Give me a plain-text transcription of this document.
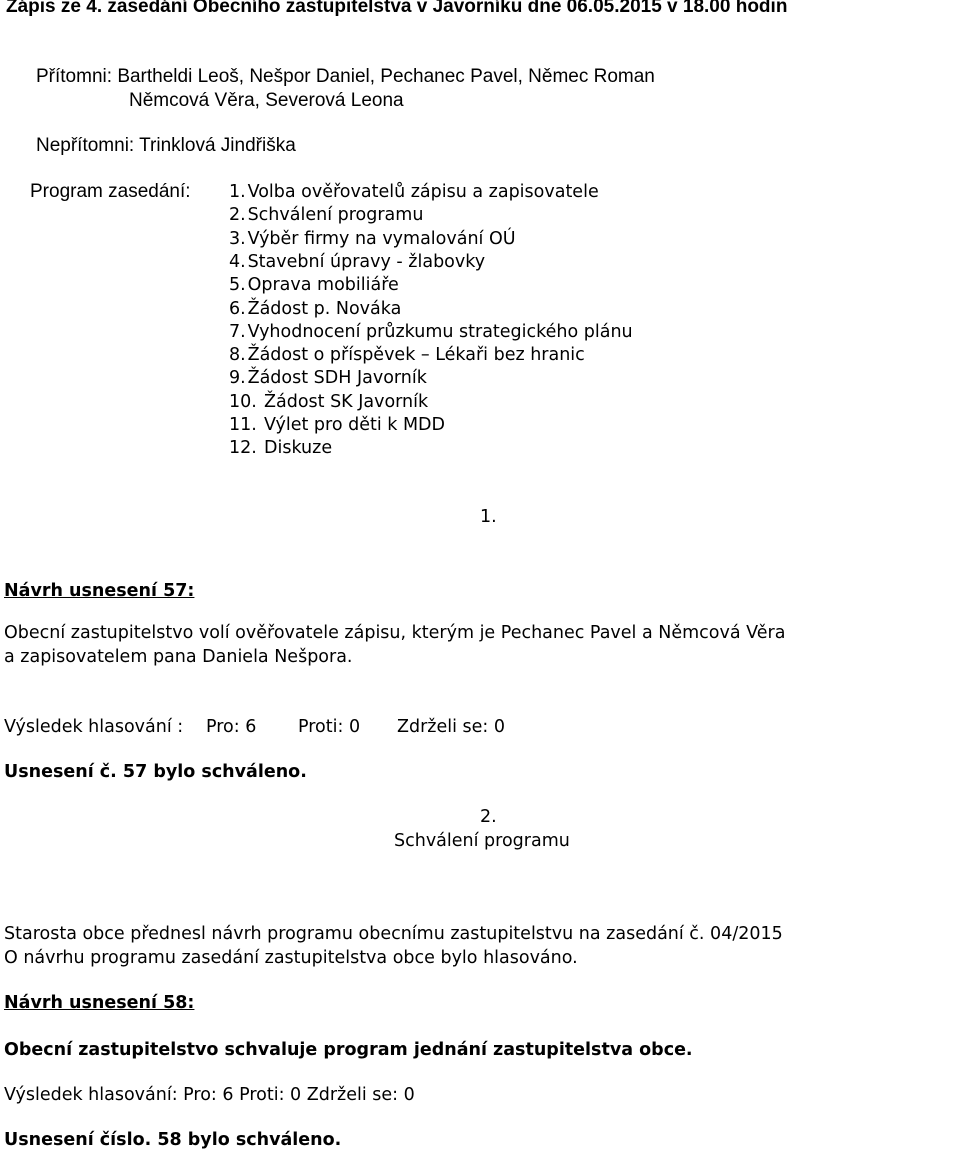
Zápis ze 4. zasedání Obecního zastupitelstva v Javorníku dne 06.05.2015 v 18.00 hodin
Přítomni: Bartheldi Leoš, Nešpor Daniel, Pechanec Pavel, Němec Roman
Němcová Věra, Severová Leona
Nepřítomni: Trinklová Jindřiška
Program zasedání: 1. Volba ověřovatelů zápisu a zapisovatele
2. Schválení programu
3. Výběr firmy na vymalování OÚ
4. Stavební úpravy - žlabovky
5. Oprava mobiliáře
6. Žádost p. Nováka
7. Vyhodnocení průzkumu strategického plánu
8. Žádost o příspěvek – Lékaři bez hranic
9. Žádost SDH Javorník
10. Žádost SK Javorník
11. Výlet pro děti k MDD
12. Diskuze
1.
Návrh usnesení 57:
Obecní zastupitelstvo volí ověřovatele zápisu, kterým je Pechanec Pavel a Němcová Věra
a zapisovatelem pana Daniela Nešpora.
Výsledek hlasování : Pro: 6 Proti: 0 Zdrželi se: 0
Usnesení č. 57 bylo schváleno.
2.
Schválení programu
Starosta obce přednesl návrh programu obecnímu zastupitelstvu na zasedání č. 04/2015
O návrhu programu zasedání zastupitelstva obce bylo hlasováno.
Návrh usnesení 58:
Obecní zastupitelstvo schvaluje program jednání zastupitelstva obce.
Výsledek hlasování: Pro: 6 Proti: 0 Zdrželi se: 0
Usnesení číslo. 58 bylo schváleno.
